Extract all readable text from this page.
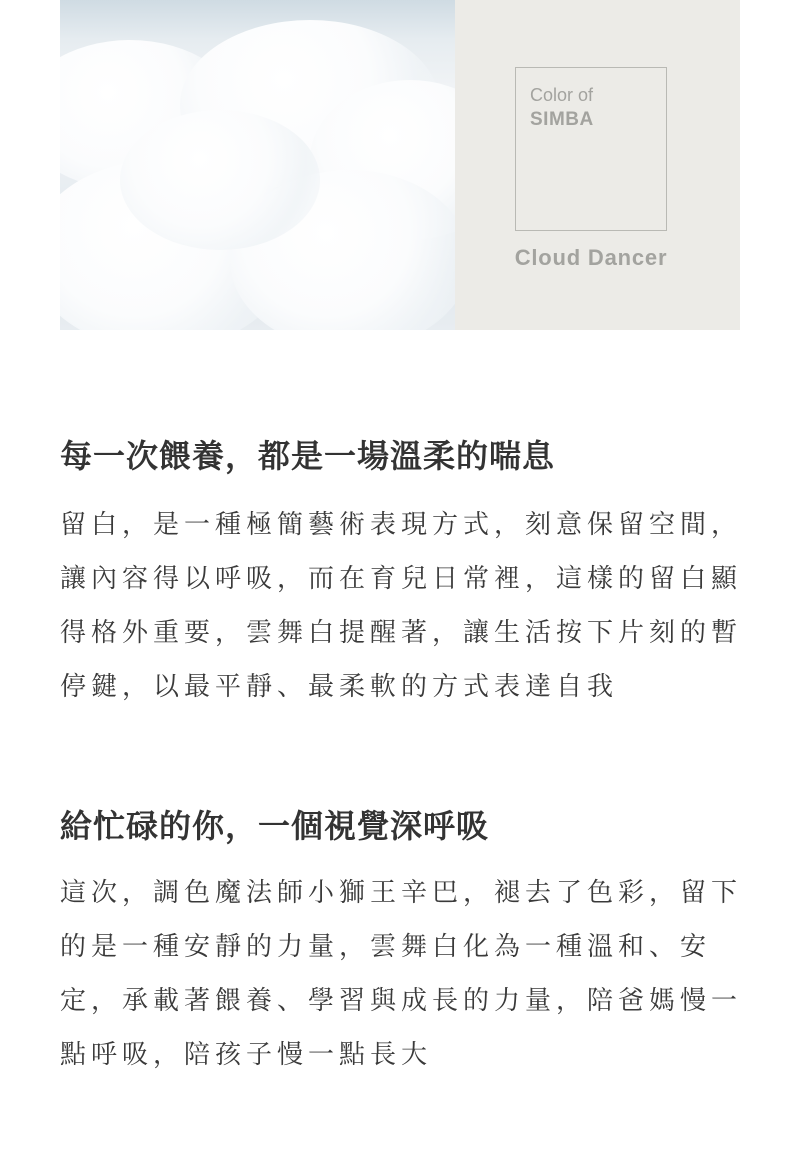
Color of
SIMBA
Cloud Dancer
每一次餵養，都是一場溫柔的喘息

留白，是一種極簡藝術表現方式，刻意保留空間，讓內容得以呼吸，而在育兒日常裡，這樣的留白顯得格外重要，雲舞白提醒著，讓生活按下片刻的暫停鍵，以最平靜、最柔軟的方式表達自我

給忙碌的你，一個視覺深呼吸

這次，調色魔法師小獅王辛巴，褪去了色彩，留下的是一種安靜的力量，雲舞白化為一種溫和、安定，承載著餵養、學習與成長的力量，陪爸媽慢一點呼吸，陪孩子慢一點長大
